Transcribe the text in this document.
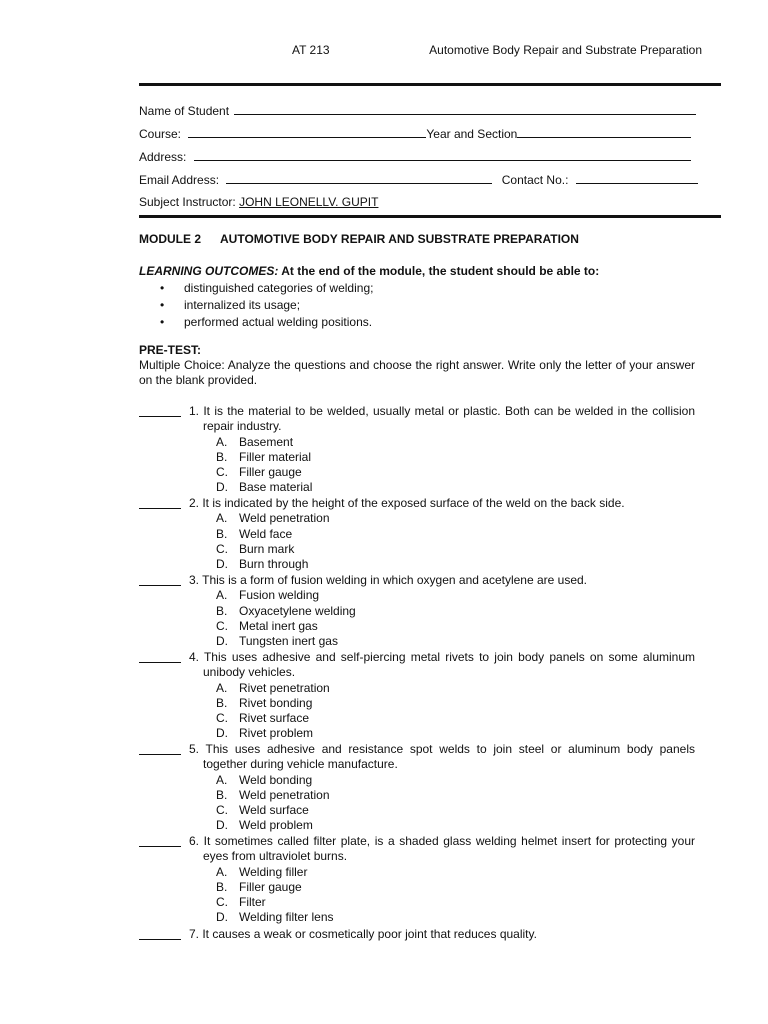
AT 213	Automotive Body Repair and Substrate Preparation
Name of Student
Course:	Year and Section
Address:
Email Address:	Contact No.:
Subject Instructor: JOHN LEONELLV. GUPIT
MODULE 2 AUTOMOTIVE BODY REPAIR AND SUBSTRATE PREPARATION
LEARNING OUTCOMES: At the end of the module, the student should be able to:
• distinguished categories of welding;
• internalized its usage;
• performed actual welding positions.
PRE-TEST:
Multiple Choice: Analyze the questions and choose the right answer. Write only the letter of your answer on the blank provided.
1. It is the material to be welded, usually metal or plastic. Both can be welded in the collision repair industry.
A. Basement
B. Filler material
C. Filler gauge
D. Base material
2. It is indicated by the height of the exposed surface of the weld on the back side.
A. Weld penetration
B. Weld face
C. Burn mark
D. Burn through
3. This is a form of fusion welding in which oxygen and acetylene are used.
A. Fusion welding
B. Oxyacetylene welding
C. Metal inert gas
D. Tungsten inert gas
4. This uses adhesive and self-piercing metal rivets to join body panels on some aluminum unibody vehicles.
A. Rivet penetration
B. Rivet bonding
C. Rivet surface
D. Rivet problem
5. This uses adhesive and resistance spot welds to join steel or aluminum body panels together during vehicle manufacture.
A. Weld bonding
B. Weld penetration
C. Weld surface
D. Weld problem
6. It sometimes called filter plate, is a shaded glass welding helmet insert for protecting your eyes from ultraviolet burns.
A. Welding filler
B. Filler gauge
C. Filter
D. Welding filter lens
7. It causes a weak or cosmetically poor joint that reduces quality.
